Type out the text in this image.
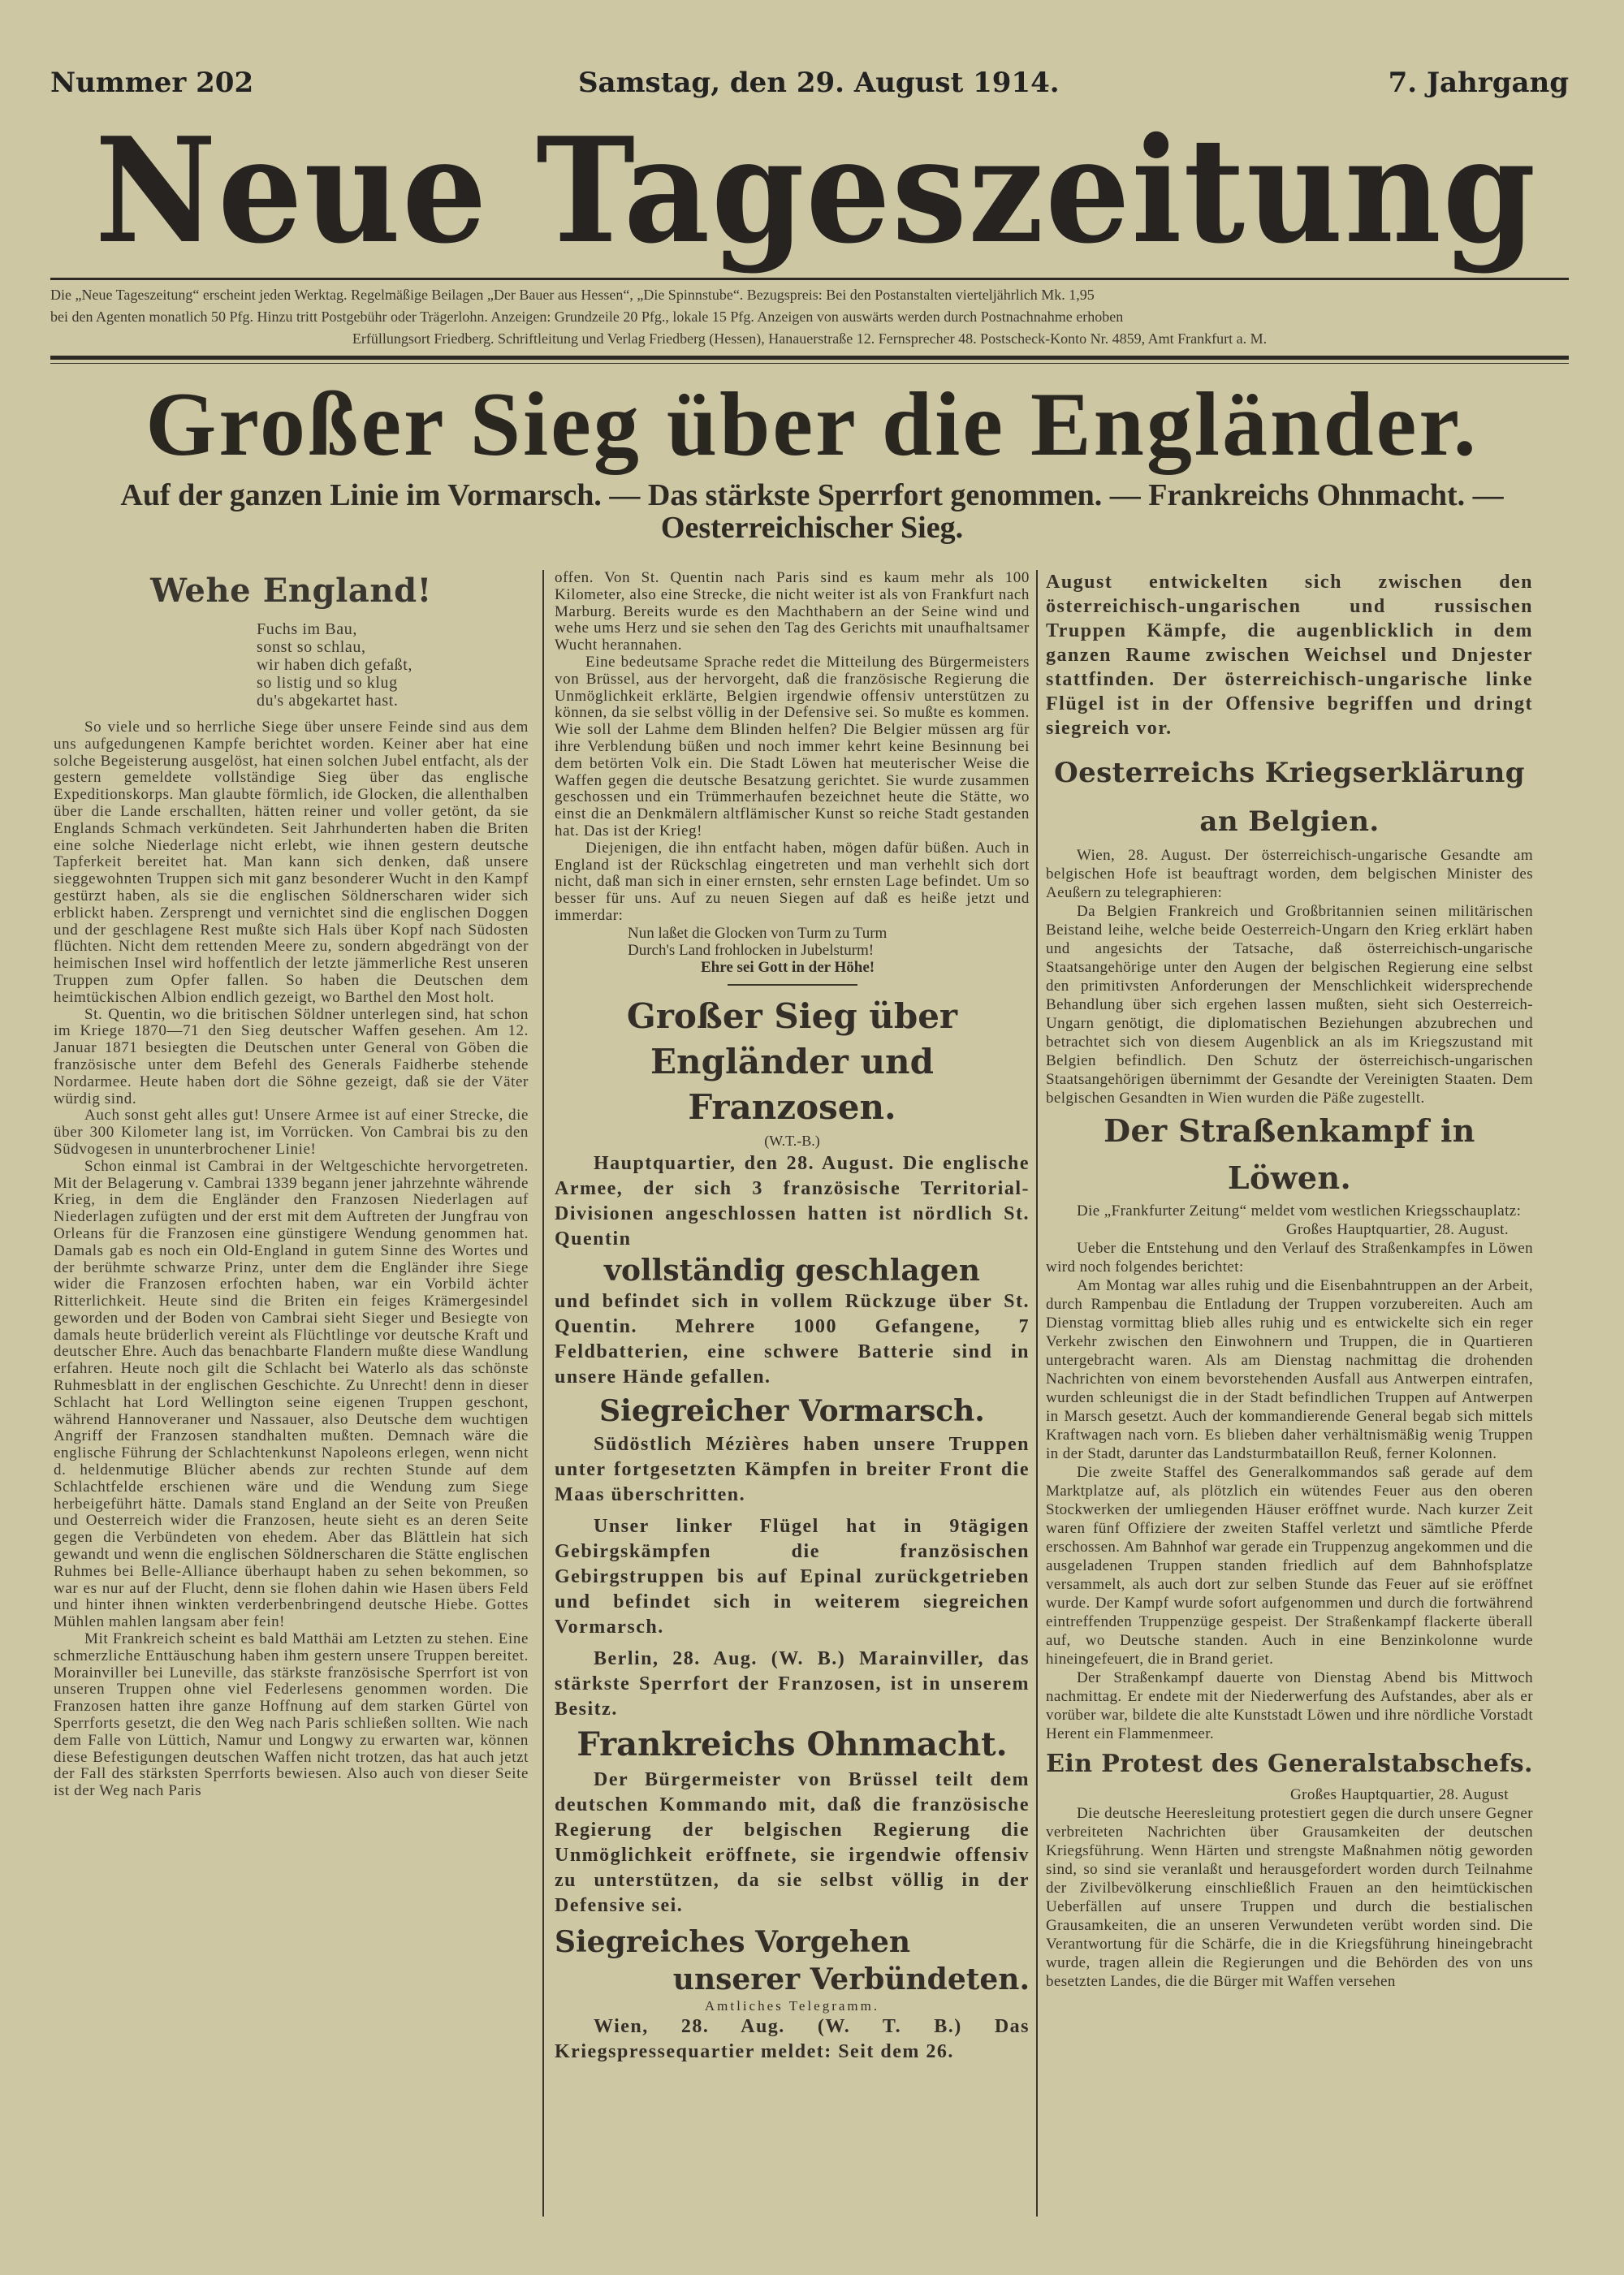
Nummer 202	Samstag, den 29. August 1914.	7. Jahrgang
Neue Tageszeitung

Die „Neue Tageszeitung“ erscheint jeden Werktag. Regelmäßige Beilagen „Der Bauer aus Hessen“, „Die Spinnstube“. Bezugspreis: Bei den Postanstalten vierteljährlich Mk. 1,95

bei den Agenten monatlich 50 Pfg. Hinzu tritt Postgebühr oder Trägerlohn. Anzeigen: Grundzeile 20 Pfg., lokale 15 Pfg. Anzeigen von auswärts werden durch Postnachnahme erhoben

Erfüllungsort Friedberg. Schriftleitung und Verlag Friedberg (Hessen), Hanauerstraße 12. Fernsprecher 48. Postscheck-Konto Nr. 4859, Amt Frankfurt a. M.

Großer Sieg über die Engländer.
Auf der ganzen Linie im Vormarsch. — Das stärkste Sperrfort genommen. — Frankreichs Ohnmacht. — Oesterreichischer Sieg.
Wehe England!

Fuchs im Bau,

sonst so schlau,

wir haben dich gefaßt,

so listig und so klug

du's abgekartet hast.

So viele und so herrliche Siege über unsere Feinde sind aus dem uns aufgedungenen Kampfe berichtet worden. Keiner aber hat eine solche Begeisterung ausgelöst, hat einen solchen Jubel entfacht, als der gestern gemeldete vollständige Sieg über das englische Expeditionskorps. Man glaubte förmlich, ide Glocken, die allenthalben über die Lande erschallten, hätten reiner und voller getönt, da sie Englands Schmach verkündeten. Seit Jahrhunderten haben die Briten eine solche Niederlage nicht erlebt, wie ihnen gestern deutsche Tapferkeit bereitet hat. Man kann sich denken, daß unsere sieggewohnten Truppen sich mit ganz besonderer Wucht in den Kampf gestürzt haben, als sie die englischen Söldnerscharen wider sich erblickt haben. Zersprengt und vernichtet sind die englischen Doggen und der geschlagene Rest mußte sich Hals über Kopf nach Südosten flüchten. Nicht dem rettenden Meere zu, sondern abgedrängt von der heimischen Insel wird hoffentlich der letzte jämmerliche Rest unseren Truppen zum Opfer fallen. So haben die Deutschen dem heimtückischen Albion endlich gezeigt, wo Barthel den Most holt.

St. Quentin, wo die britischen Söldner unterlegen sind, hat schon im Kriege 1870—71 den Sieg deutscher Waffen gesehen. Am 12. Januar 1871 besiegten die Deutschen unter General von Göben die französische unter dem Befehl des Generals Faidherbe stehende Nordarmee. Heute haben dort die Söhne gezeigt, daß sie der Väter würdig sind.

Auch sonst geht alles gut! Unsere Armee ist auf einer Strecke, die über 300 Kilometer lang ist, im Vorrücken. Von Cambrai bis zu den Südvogesen in ununterbrochener Linie!

Schon einmal ist Cambrai in der Weltgeschichte hervorgetreten. Mit der Belagerung v. Cambrai 1339 begann jener jahrzehnte währende Krieg, in dem die Engländer den Franzosen Niederlagen auf Niederlagen zufügten und der erst mit dem Auftreten der Jungfrau von Orleans für die Franzosen eine günstigere Wendung genommen hat. Damals gab es noch ein Old-England in gutem Sinne des Wortes und der berühmte schwarze Prinz, unter dem die Engländer ihre Siege wider die Franzosen erfochten haben, war ein Vorbild ächter Ritterlichkeit. Heute sind die Briten ein feiges Krämergesindel geworden und der Boden von Cambrai sieht Sieger und Besiegte von damals heute brüderlich vereint als Flüchtlinge vor deutsche Kraft und deutscher Ehre. Auch das benachbarte Flandern mußte diese Wandlung erfahren. Heute noch gilt die Schlacht bei Waterlo als das schönste Ruhmesblatt in der englischen Geschichte. Zu Unrecht! denn in dieser Schlacht hat Lord Wellington seine eigenen Truppen geschont, während Hannoveraner und Nassauer, also Deutsche dem wuchtigen Angriff der Franzosen standhalten mußten. Demnach wäre die englische Führung der Schlachtenkunst Napoleons erlegen, wenn nicht d. heldenmutige Blücher abends zur rechten Stunde auf dem Schlachtfelde erschienen wäre und die Wendung zum Siege herbeigeführt hätte. Damals stand England an der Seite von Preußen und Oesterreich wider die Franzosen, heute sieht es an deren Seite gegen die Verbündeten von ehedem. Aber das Blättlein hat sich gewandt und wenn die englischen Söldnerscharen die Stätte englischen Ruhmes bei Belle-Alliance überhaupt haben zu sehen bekommen, so war es nur auf der Flucht, denn sie flohen dahin wie Hasen übers Feld und hinter ihnen winkten verderbenbringend deutsche Hiebe. Gottes Mühlen mahlen langsam aber fein!

Mit Frankreich scheint es bald Matthäi am Letzten zu stehen. Eine schmerzliche Enttäuschung haben ihm gestern unsere Truppen bereitet. Morainviller bei Luneville, das stärkste französische Sperrfort ist von unseren Truppen ohne viel Federlesens genommen worden. Die Franzosen hatten ihre ganze Hoffnung auf dem starken Gürtel von Sperrforts gesetzt, die den Weg nach Paris schließen sollten. Wie nach dem Falle von Lüttich, Namur und Longwy zu erwarten war, können diese Befestigungen deutschen Waffen nicht trotzen, das hat auch jetzt der Fall des stärksten Sperrforts bewiesen. Also auch von dieser Seite ist der Weg nach Paris

offen. Von St. Quentin nach Paris sind es kaum mehr als 100 Kilometer, also eine Strecke, die nicht weiter ist als von Frankfurt nach Marburg. Bereits wurde es den Machthabern an der Seine wind und wehe ums Herz und sie sehen den Tag des Gerichts mit unaufhaltsamer Wucht herannahen.

Eine bedeutsame Sprache redet die Mitteilung des Bürgermeisters von Brüssel, aus der hervorgeht, daß die französische Regierung die Unmöglichkeit erklärte, Belgien irgendwie offensiv unterstützen zu können, da sie selbst völlig in der Defensive sei. So mußte es kommen. Wie soll der Lahme dem Blinden helfen? Die Belgier müssen arg für ihre Verblendung büßen und noch immer kehrt keine Besinnung bei dem betörten Volk ein. Die Stadt Löwen hat meuterischer Weise die Waffen gegen die deutsche Besatzung gerichtet. Sie wurde zusammen geschossen und ein Trümmerhaufen bezeichnet heute die Stätte, wo einst die an Denkmälern altflämischer Kunst so reiche Stadt gestanden hat. Das ist der Krieg!

Diejenigen, die ihn entfacht haben, mögen dafür büßen. Auch in England ist der Rückschlag eingetreten und man verhehlt sich dort nicht, daß man sich in einer ernsten, sehr ernsten Lage befindet. Um so besser für uns. Auf zu neuen Siegen auf daß es heiße jetzt und immerdar:

Nun laßet die Glocken von Turm zu Turm

Durch's Land frohlocken in Jubelsturm!

Ehre sei Gott in der Höhe!

Großer Sieg über Engländer und Franzosen.

(W.T.-B.)

Hauptquartier, den 28. August. Die englische Armee, der sich 3 französische Territorial-Divisionen angeschlossen hatten ist nördlich St. Quentin

vollständig geschlagen

und befindet sich in vollem Rückzuge über St. Quentin. Mehrere 1000 Gefangene, 7 Feldbatterien, eine schwere Batterie sind in unsere Hände gefallen.

Siegreicher Vormarsch.

Südöstlich Mézières haben unsere Truppen unter fortgesetzten Kämpfen in breiter Front die Maas überschritten.

Unser linker Flügel hat in 9tägigen Gebirgskämpfen die französischen Gebirgstruppen bis auf Epinal zurückgetrieben und befindet sich in weiterem siegreichen Vormarsch.

Berlin, 28. Aug. (W. B.) Marainviller, das stärkste Sperrfort der Franzosen, ist in unserem Besitz.

Frankreichs Ohnmacht.

Der Bürgermeister von Brüssel teilt dem deutschen Kommando mit, daß die französische Regierung der belgischen Regierung die Unmöglichkeit eröffnete, sie irgendwie offensiv zu unterstützen, da sie selbst völlig in der Defensive sei.

Siegreiches Vorgehen
unserer Verbündeten.

Amtliches Telegramm.

Wien, 28. Aug. (W. T. B.) Das Kriegspressequartier meldet: Seit dem 26.

August entwickelten sich zwischen den österreichisch-ungarischen und russischen Truppen Kämpfe, die augenblicklich in dem ganzen Raume zwischen Weichsel und Dnjester stattfinden. Der österreichisch-ungarische linke Flügel ist in der Offensive begriffen und dringt siegreich vor.

Oesterreichs Kriegserklärung an Belgien.

Wien, 28. August. Der österreichisch-ungarische Gesandte am belgischen Hofe ist beauftragt worden, dem belgischen Minister des Aeußern zu telegraphieren:

Da Belgien Frankreich und Großbritannien seinen militärischen Beistand leihe, welche beide Oesterreich-Ungarn den Krieg erklärt haben und angesichts der Tatsache, daß österreichisch-ungarische Staatsangehörige unter den Augen der belgischen Regierung eine selbst den primitivsten Anforderungen der Menschlichkeit widersprechende Behandlung über sich ergehen lassen mußten, sieht sich Oesterreich-Ungarn genötigt, die diplomatischen Beziehungen abzubrechen und betrachtet sich von diesem Augenblick an als im Kriegszustand mit Belgien befindlich. Den Schutz der österreichisch-ungarischen Staatsangehörigen übernimmt der Gesandte der Vereinigten Staaten. Dem belgischen Gesandten in Wien wurden die Päße zugestellt.

Der Straßenkampf in Löwen.

Die „Frankfurter Zeitung“ meldet vom westlichen Kriegsschauplatz:

Großes Hauptquartier, 28. August.

Ueber die Entstehung und den Verlauf des Straßenkampfes in Löwen wird noch folgendes berichtet:

Am Montag war alles ruhig und die Eisenbahntruppen an der Arbeit, durch Rampenbau die Entladung der Truppen vorzubereiten. Auch am Dienstag vormittag blieb alles ruhig und es entwickelte sich ein reger Verkehr zwischen den Einwohnern und Truppen, die in Quartieren untergebracht waren. Als am Dienstag nachmittag die drohenden Nachrichten von einem bevorstehenden Ausfall aus Antwerpen eintrafen, wurden schleunigst die in der Stadt befindlichen Truppen auf Antwerpen in Marsch gesetzt. Auch der kommandierende General begab sich mittels Kraftwagen nach vorn. Es blieben daher verhältnismäßig wenig Truppen in der Stadt, darunter das Landsturmbataillon Reuß, ferner Kolonnen.

Die zweite Staffel des Generalkommandos saß gerade auf dem Marktplatze auf, als plötzlich ein wütendes Feuer aus den oberen Stockwerken der umliegenden Häuser eröffnet wurde. Nach kurzer Zeit waren fünf Offiziere der zweiten Staffel verletzt und sämtliche Pferde erschossen. Am Bahnhof war gerade ein Truppenzug angekommen und die ausgeladenen Truppen standen friedlich auf dem Bahnhofsplatze versammelt, als auch dort zur selben Stunde das Feuer auf sie eröffnet wurde. Der Kampf wurde sofort aufgenommen und durch die fortwährend eintreffenden Truppenzüge gespeist. Der Straßenkampf flackerte überall auf, wo Deutsche standen. Auch in eine Benzinkolonne wurde hineingefeuert, die in Brand geriet.

Der Straßenkampf dauerte von Dienstag Abend bis Mittwoch nachmittag. Er endete mit der Niederwerfung des Aufstandes, aber als er vorüber war, bildete die alte Kunststadt Löwen und ihre nördliche Vorstadt Herent ein Flammenmeer.

Ein Protest des Generalstabschefs.

Großes Hauptquartier, 28. August

Die deutsche Heeresleitung protestiert gegen die durch unsere Gegner verbreiteten Nachrichten über Grausamkeiten der deutschen Kriegsführung. Wenn Härten und strengste Maßnahmen nötig geworden sind, so sind sie veranlaßt und herausgefordert worden durch Teilnahme der Zivilbevölkerung einschließlich Frauen an den heimtückischen Ueberfällen auf unsere Truppen und durch die bestialischen Grausamkeiten, die an unseren Verwundeten verübt worden sind. Die Verantwortung für die Schärfe, die in die Kriegsführung hineingebracht wurde, tragen allein die Regierungen und die Behörden des von uns besetzten Landes, die die Bürger mit Waffen versehen
